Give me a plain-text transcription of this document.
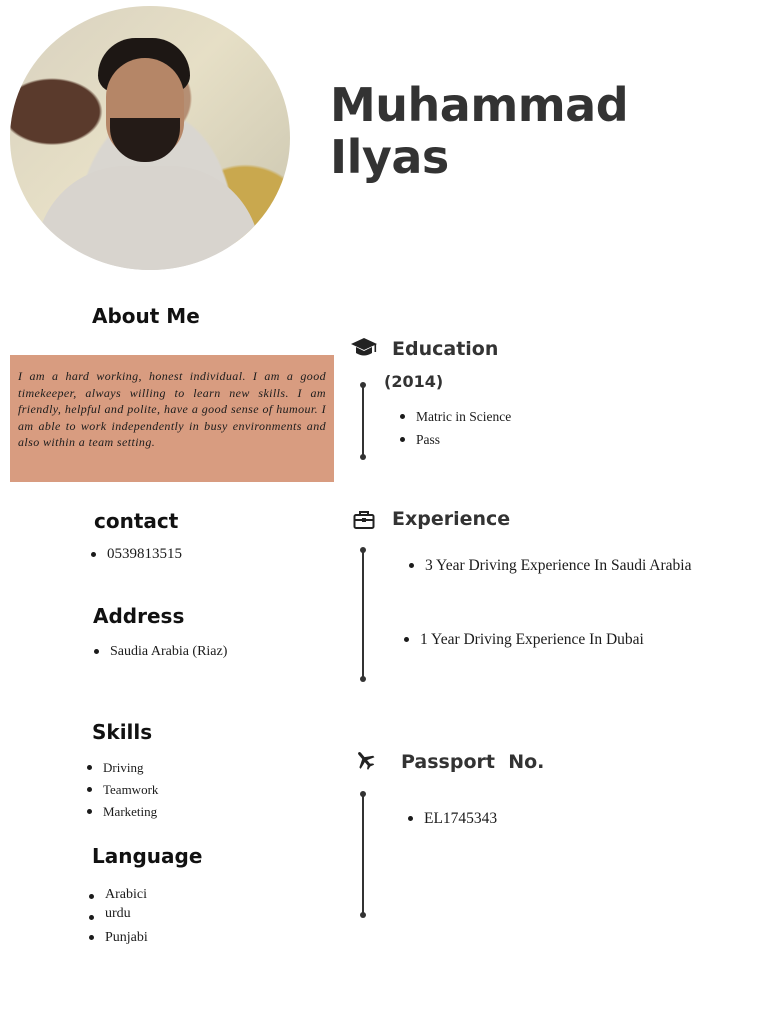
Muhammad
Ilyas
About Me

I am a hard working, honest individual. I am a good timekeeper, always willing to learn new skills. I am friendly, helpful and polite, have a good sense of humour. I am able to work independently in busy environments and also within a team setting.

contact
0539813515
Address
Saudia Arabia (Riaz)
Skills
Driving
Teamwork
Marketing
Language
Arabici
urdu
Punjabi
Education
(2014)
Matric in Science
Pass
Experience
3 Year Driving Experience In Saudi Arabia
1 Year Driving Experience In Dubai
Passport  No.
EL1745343
